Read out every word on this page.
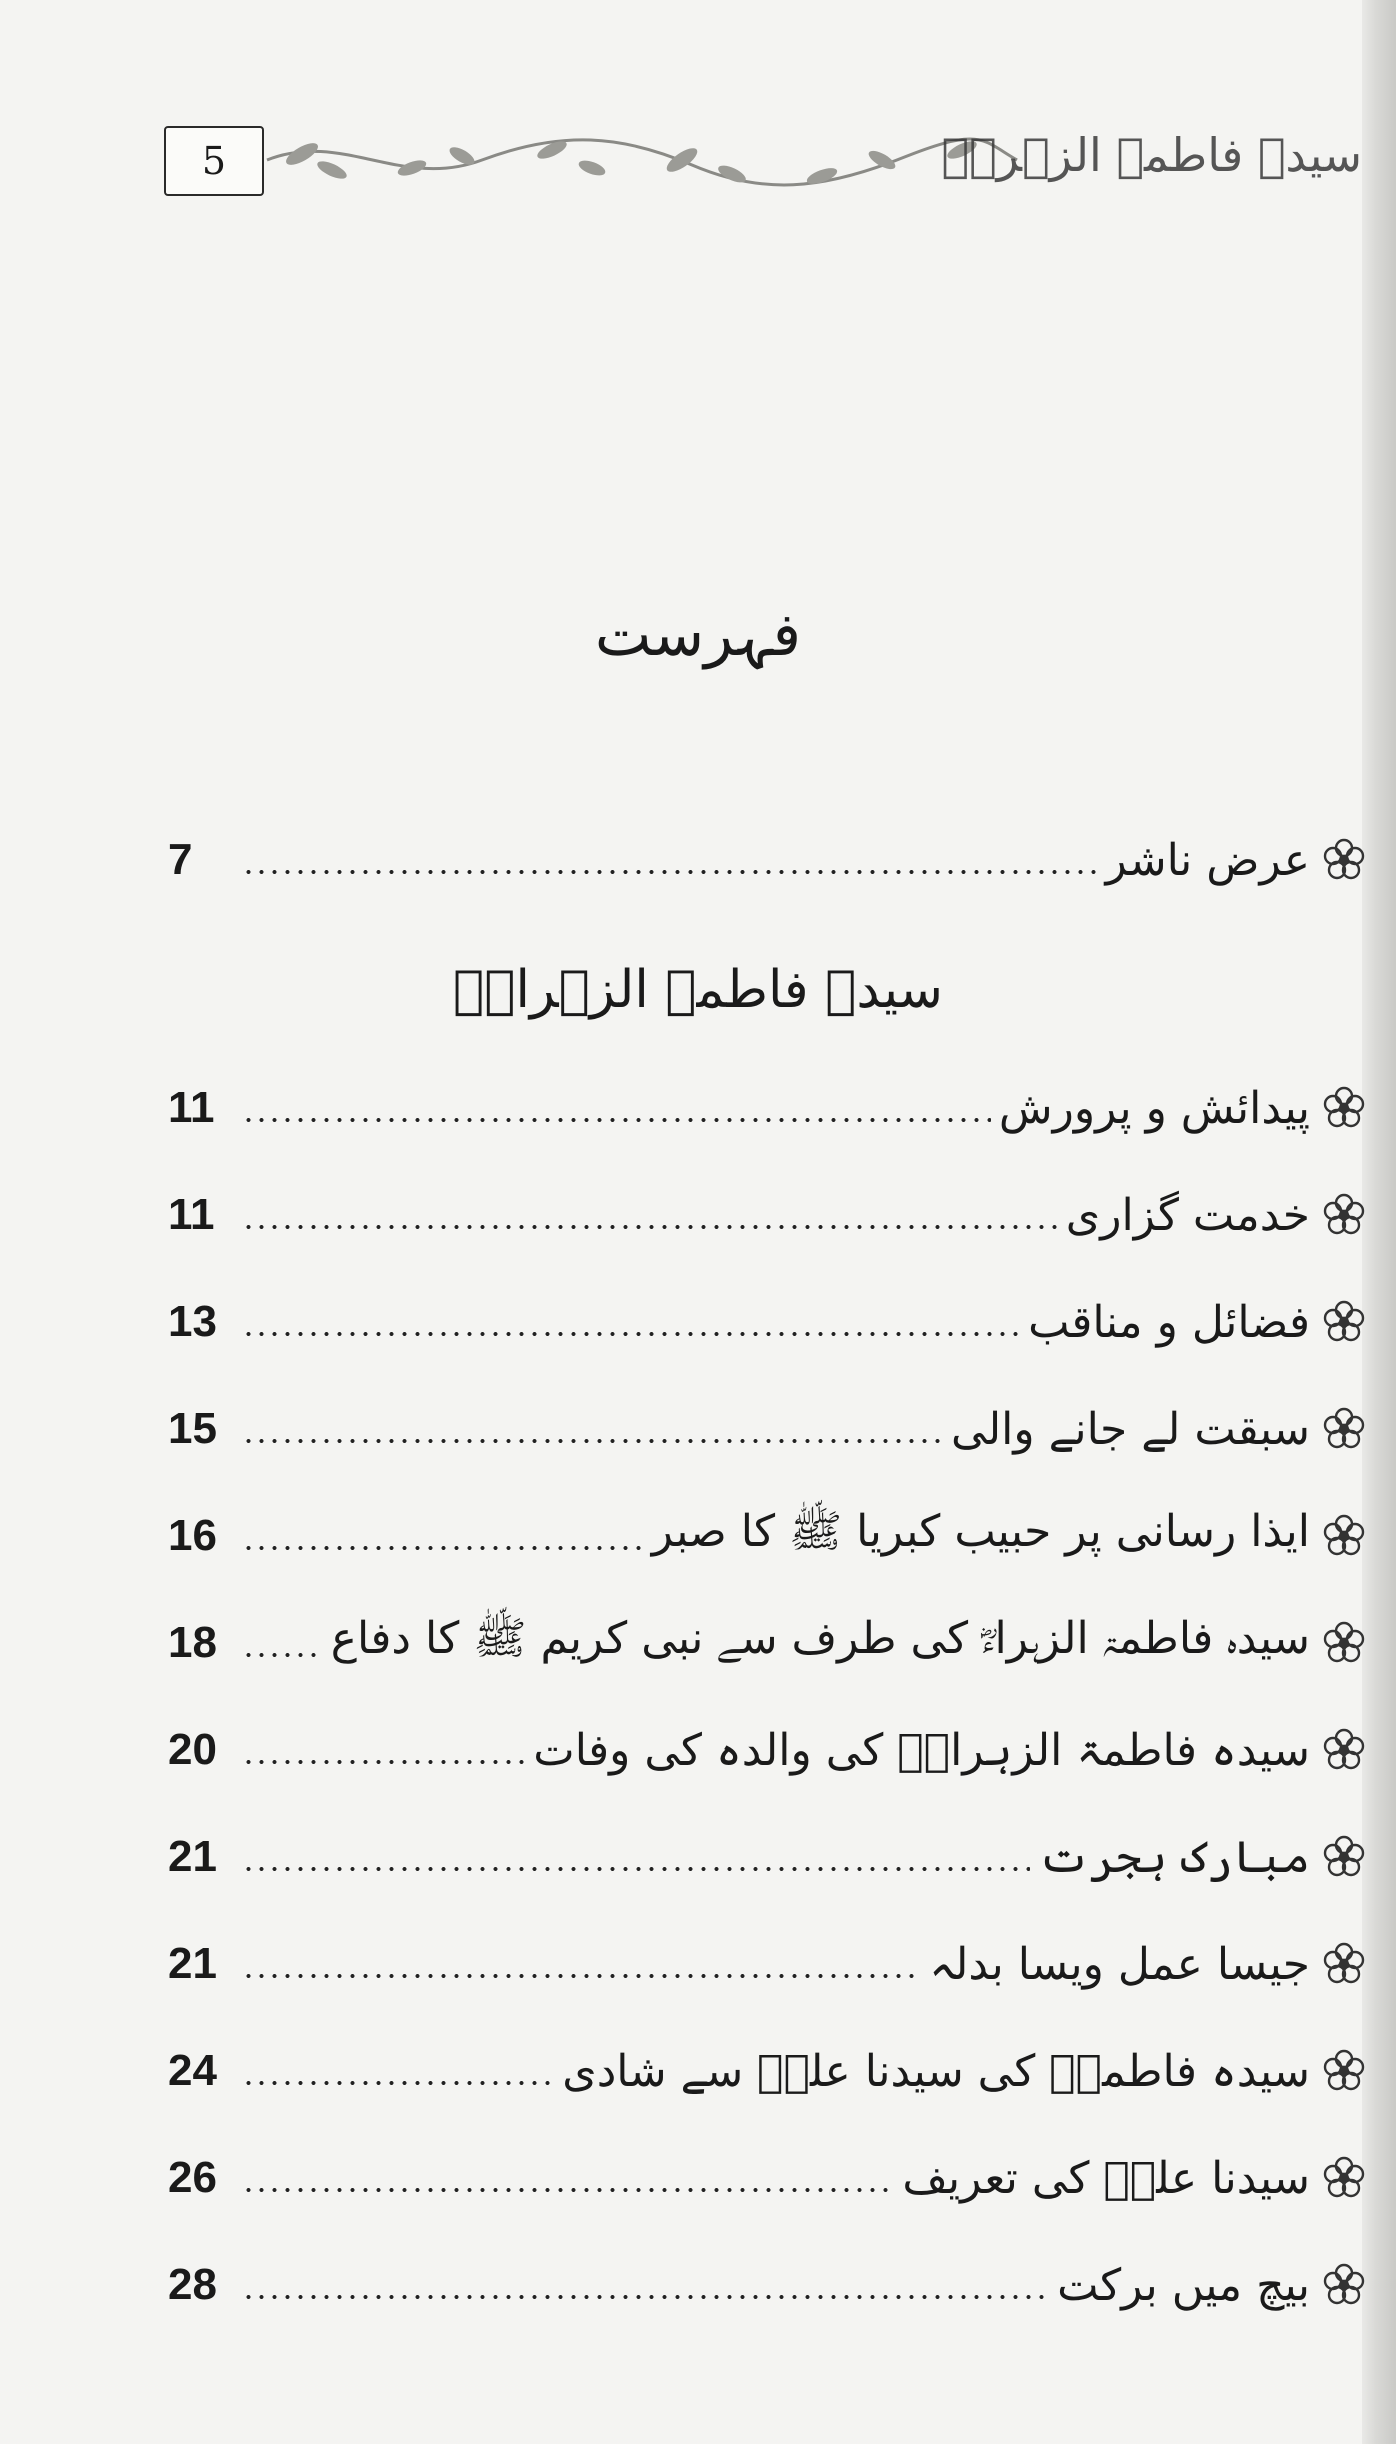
5	سیدہ فاطمۃ الزہراؓ
فہرست
سیدہ فاطمۃ الزہراءؓ
7	عرض ناشر
11	پیدائش و پرورش
11	خدمت گزاری
13	فضائل و مناقب
15	سبقت لے جانے والی
16	ایذا رسانی پر حبیب کبریا ﷺ کا صبر
18	سیدہ فاطمۃ الزہراءؓ کی طرف سے نبی کریم ﷺ کا دفاع
20	سیدہ فاطمۃ الزہراءؓ کی والدہ کی وفات
21	مبارک ہجرت
21	جیسا عمل ویسا بدلہ
24	سیدہ فاطمہؓ کی سیدنا علیؓ سے شادی
26	سیدنا علیؓ کی تعریف
28	بیچ میں برکت
